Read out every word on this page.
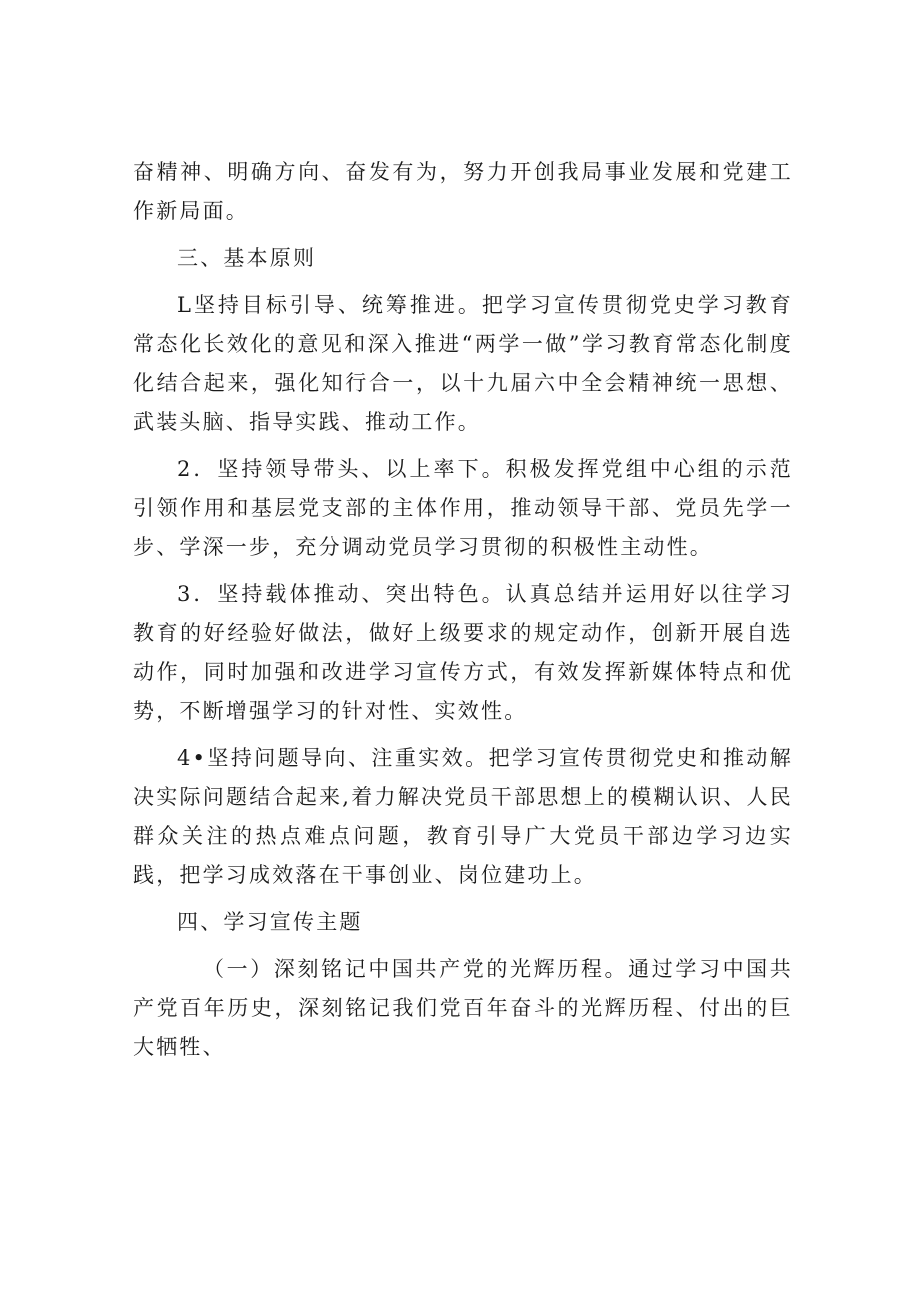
奋精神、明确方向、奋发有为，努力开创我局事业发展和党建工作新局面。

三、基本原则

L坚持目标引导、统筹推进。把学习宣传贯彻党史学习教育常态化长效化的意见和深入推进“两学一做”学习教育常态化制度化结合起来，强化知行合一，以十九届六中全会精神统一思想、武装头脑、指导实践、推动工作。

2．坚持领导带头、以上率下。积极发挥党组中心组的示范引领作用和基层党支部的主体作用，推动领导干部、党员先学一步、学深一步，充分调动党员学习贯彻的积极性主动性。

3．坚持载体推动、突出特色。认真总结并运用好以往学习教育的好经验好做法，做好上级要求的规定动作，创新开展自选动作，同时加强和改进学习宣传方式，有效发挥新媒体特点和优势，不断增强学习的针对性、实效性。

4•坚持问题导向、注重实效。把学习宣传贯彻党史和推动解决实际问题结合起来,着力解决党员干部思想上的模糊认识、人民群众关注的热点难点问题，教育引导广大党员干部边学习边实践，把学习成效落在干事创业、岗位建功上。

四、学习宣传主题

（一）深刻铭记中国共产党的光辉历程。通过学习中国共产党百年历史，深刻铭记我们党百年奋斗的光辉历程、付出的巨大牺牲、
